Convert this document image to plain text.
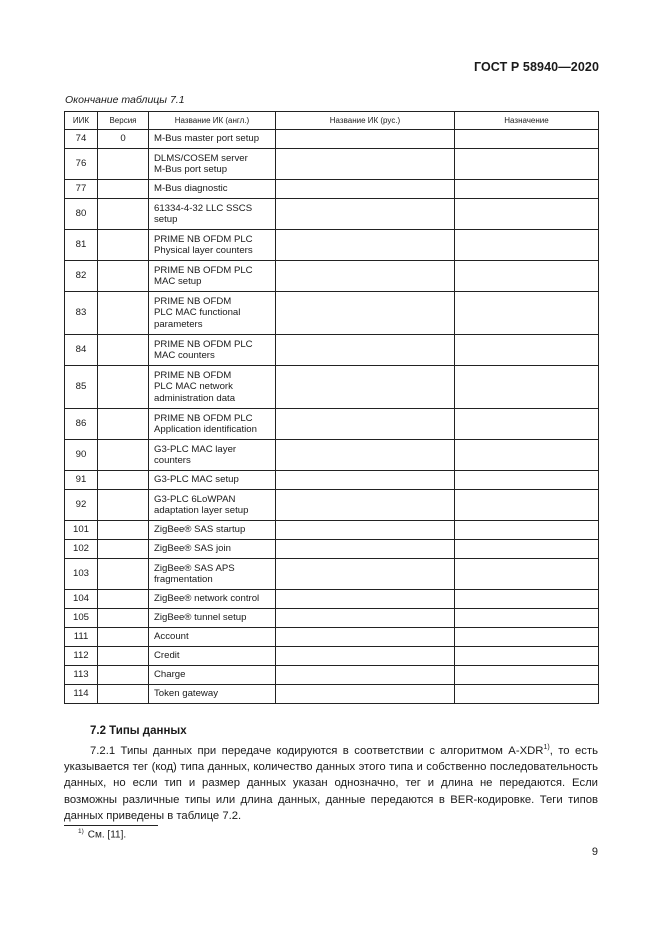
ГОСТ Р 58940—2020
Окончание таблицы 7.1
ИИК	Версия	Название ИК (англ.)	Название ИК (рус.)	Назначение
74	0	M-Bus master port setup		

76		DLMS/COSEM server
M-Bus port setup		

77		M-Bus diagnostic		

80		61334-4-32 LLC SSCS
setup		

81		PRIME NB OFDM PLC
Physical layer counters		

82		PRIME NB OFDM PLC
MAC setup		

83		PRIME NB OFDM
PLC MAC functional
parameters		

84		PRIME NB OFDM PLC
MAC counters		

85		PRIME NB OFDM
PLC MAC network
administration data		

86		PRIME NB OFDM PLC
Application identification		

90		G3-PLC MAC layer
counters		

91		G3-PLC MAC setup		

92		G3-PLC 6LoWPAN
adaptation layer setup		

101		ZigBee® SAS startup		

102		ZigBee® SAS join		

103		ZigBee® SAS APS
fragmentation		

104		ZigBee® network control		

105		ZigBee® tunnel setup		

111		Account		

112		Credit		

113		Charge		

114		Token gateway		

7.2 Типы данных
7.2.1 Типы данных при передаче кодируются в соответствии с алгоритмом A-XDR$^{1)}$, то есть указывается тег (код) типа данных, количество данных этого типа и собственно последовательность данных, но если тип и размер данных указан однозначно, тег и длина не передаются. Если возможны различные типы или длина данных, данные передаются в BER-кодировке. Теги типов данных приведены в таблице 7.2.
$^{1)}$ См. [11].
9
